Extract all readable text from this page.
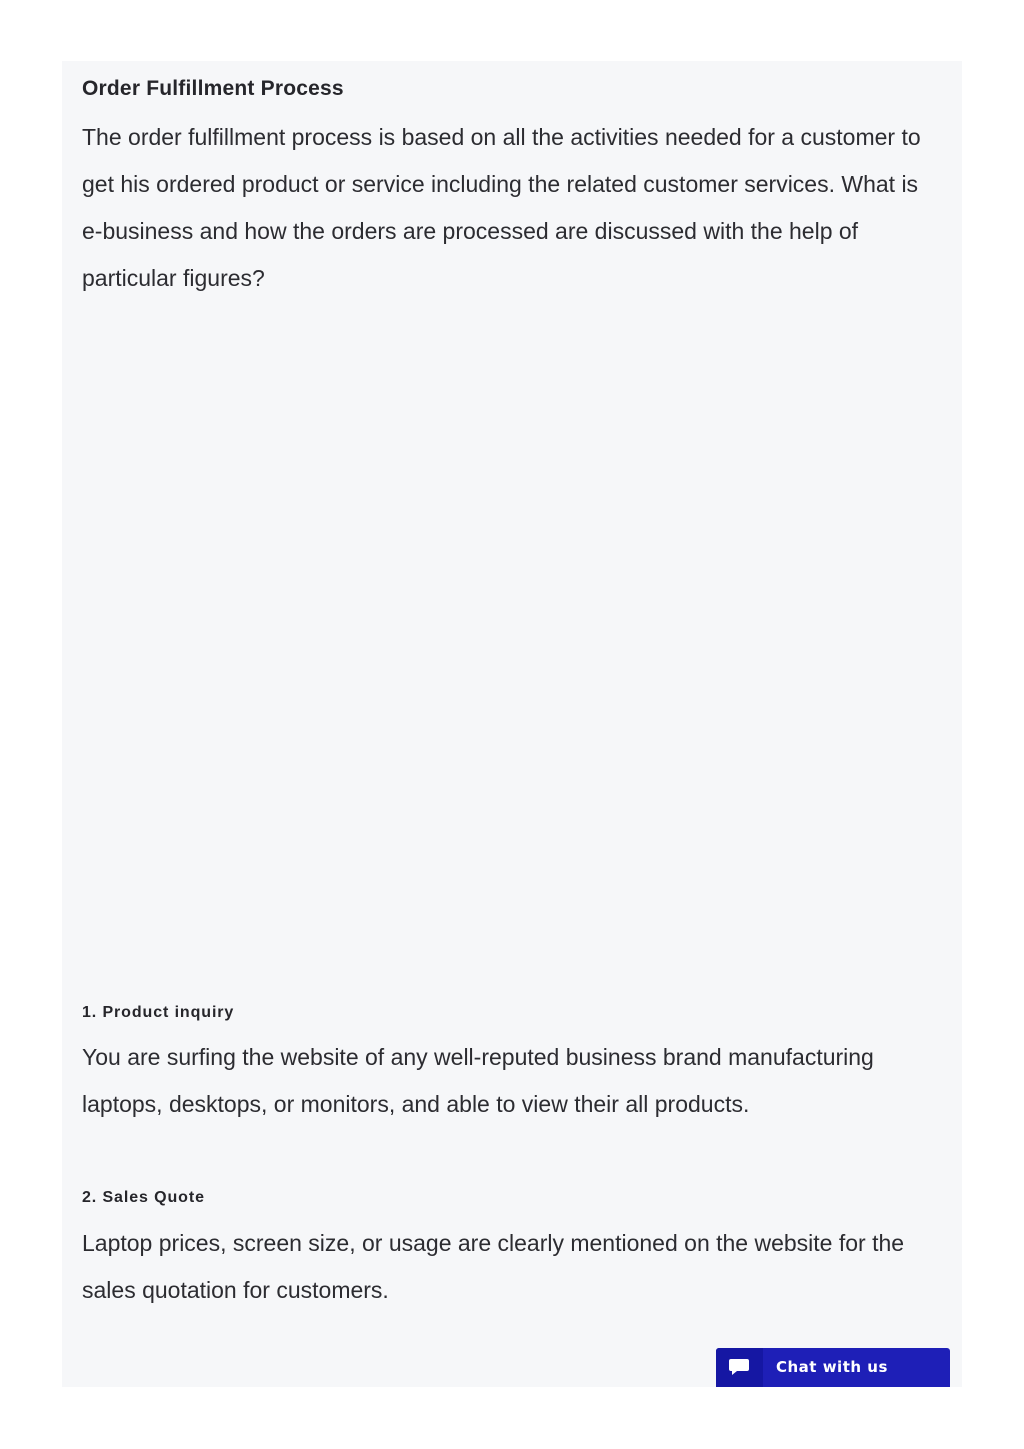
Order Fulfillment Process

The order fulfillment process is based on all the activities needed for a customer to get his ordered product or service including the related customer services. What is e-business and how the orders are processed are discussed with the help of particular figures?

1. Product inquiry

You are surfing the website of any well-reputed business brand manufacturing laptops, desktops, or monitors, and able to view their all products.

2. Sales Quote

Laptop prices, screen size, or usage are clearly mentioned on the website for the sales quotation for customers.

Chat with us
